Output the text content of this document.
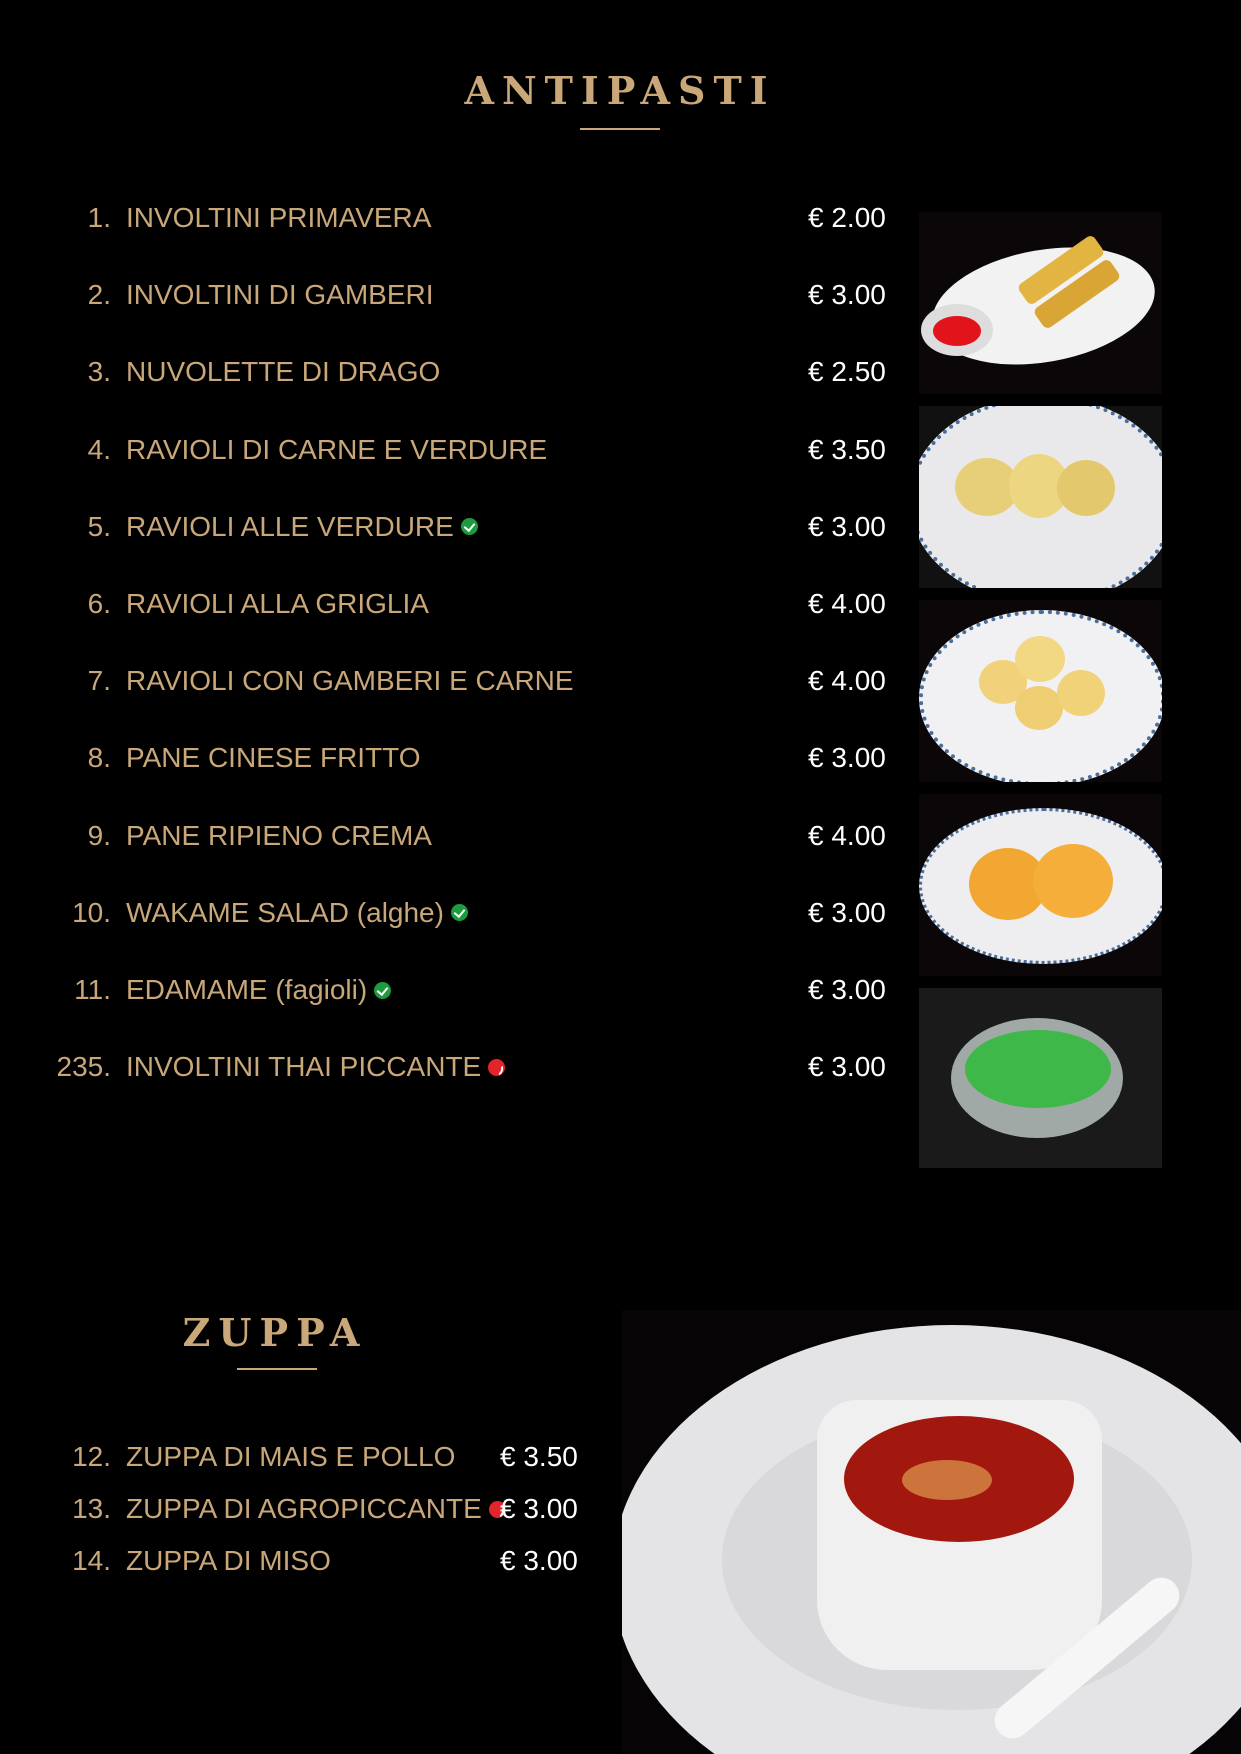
ANTIPASTI
1. INVOLTINI PRIMAVERA	€ 2.00
2. INVOLTINI DI GAMBERI	€ 3.00
3. NUVOLETTE DI DRAGO	€ 2.50
4. RAVIOLI DI CARNE E VERDURE	€ 3.50
5. RAVIOLI ALLE VERDURE	€ 3.00
6. RAVIOLI ALLA GRIGLIA	€ 4.00
7. RAVIOLI CON GAMBERI E CARNE	€ 4.00
8. PANE CINESE FRITTO	€ 3.00
9. PANE RIPIENO CREMA	€ 4.00
10. WAKAME SALAD (alghe)	€ 3.00
11. EDAMAME (fagioli)	€ 3.00
235. INVOLTINI THAI PICCANTE	€ 3.00
ZUPPA
12. ZUPPA DI MAIS E POLLO € 3.50
13. ZUPPA DI AGROPICCANTE € 3.00
14. ZUPPA DI MISO	€ 3.00
